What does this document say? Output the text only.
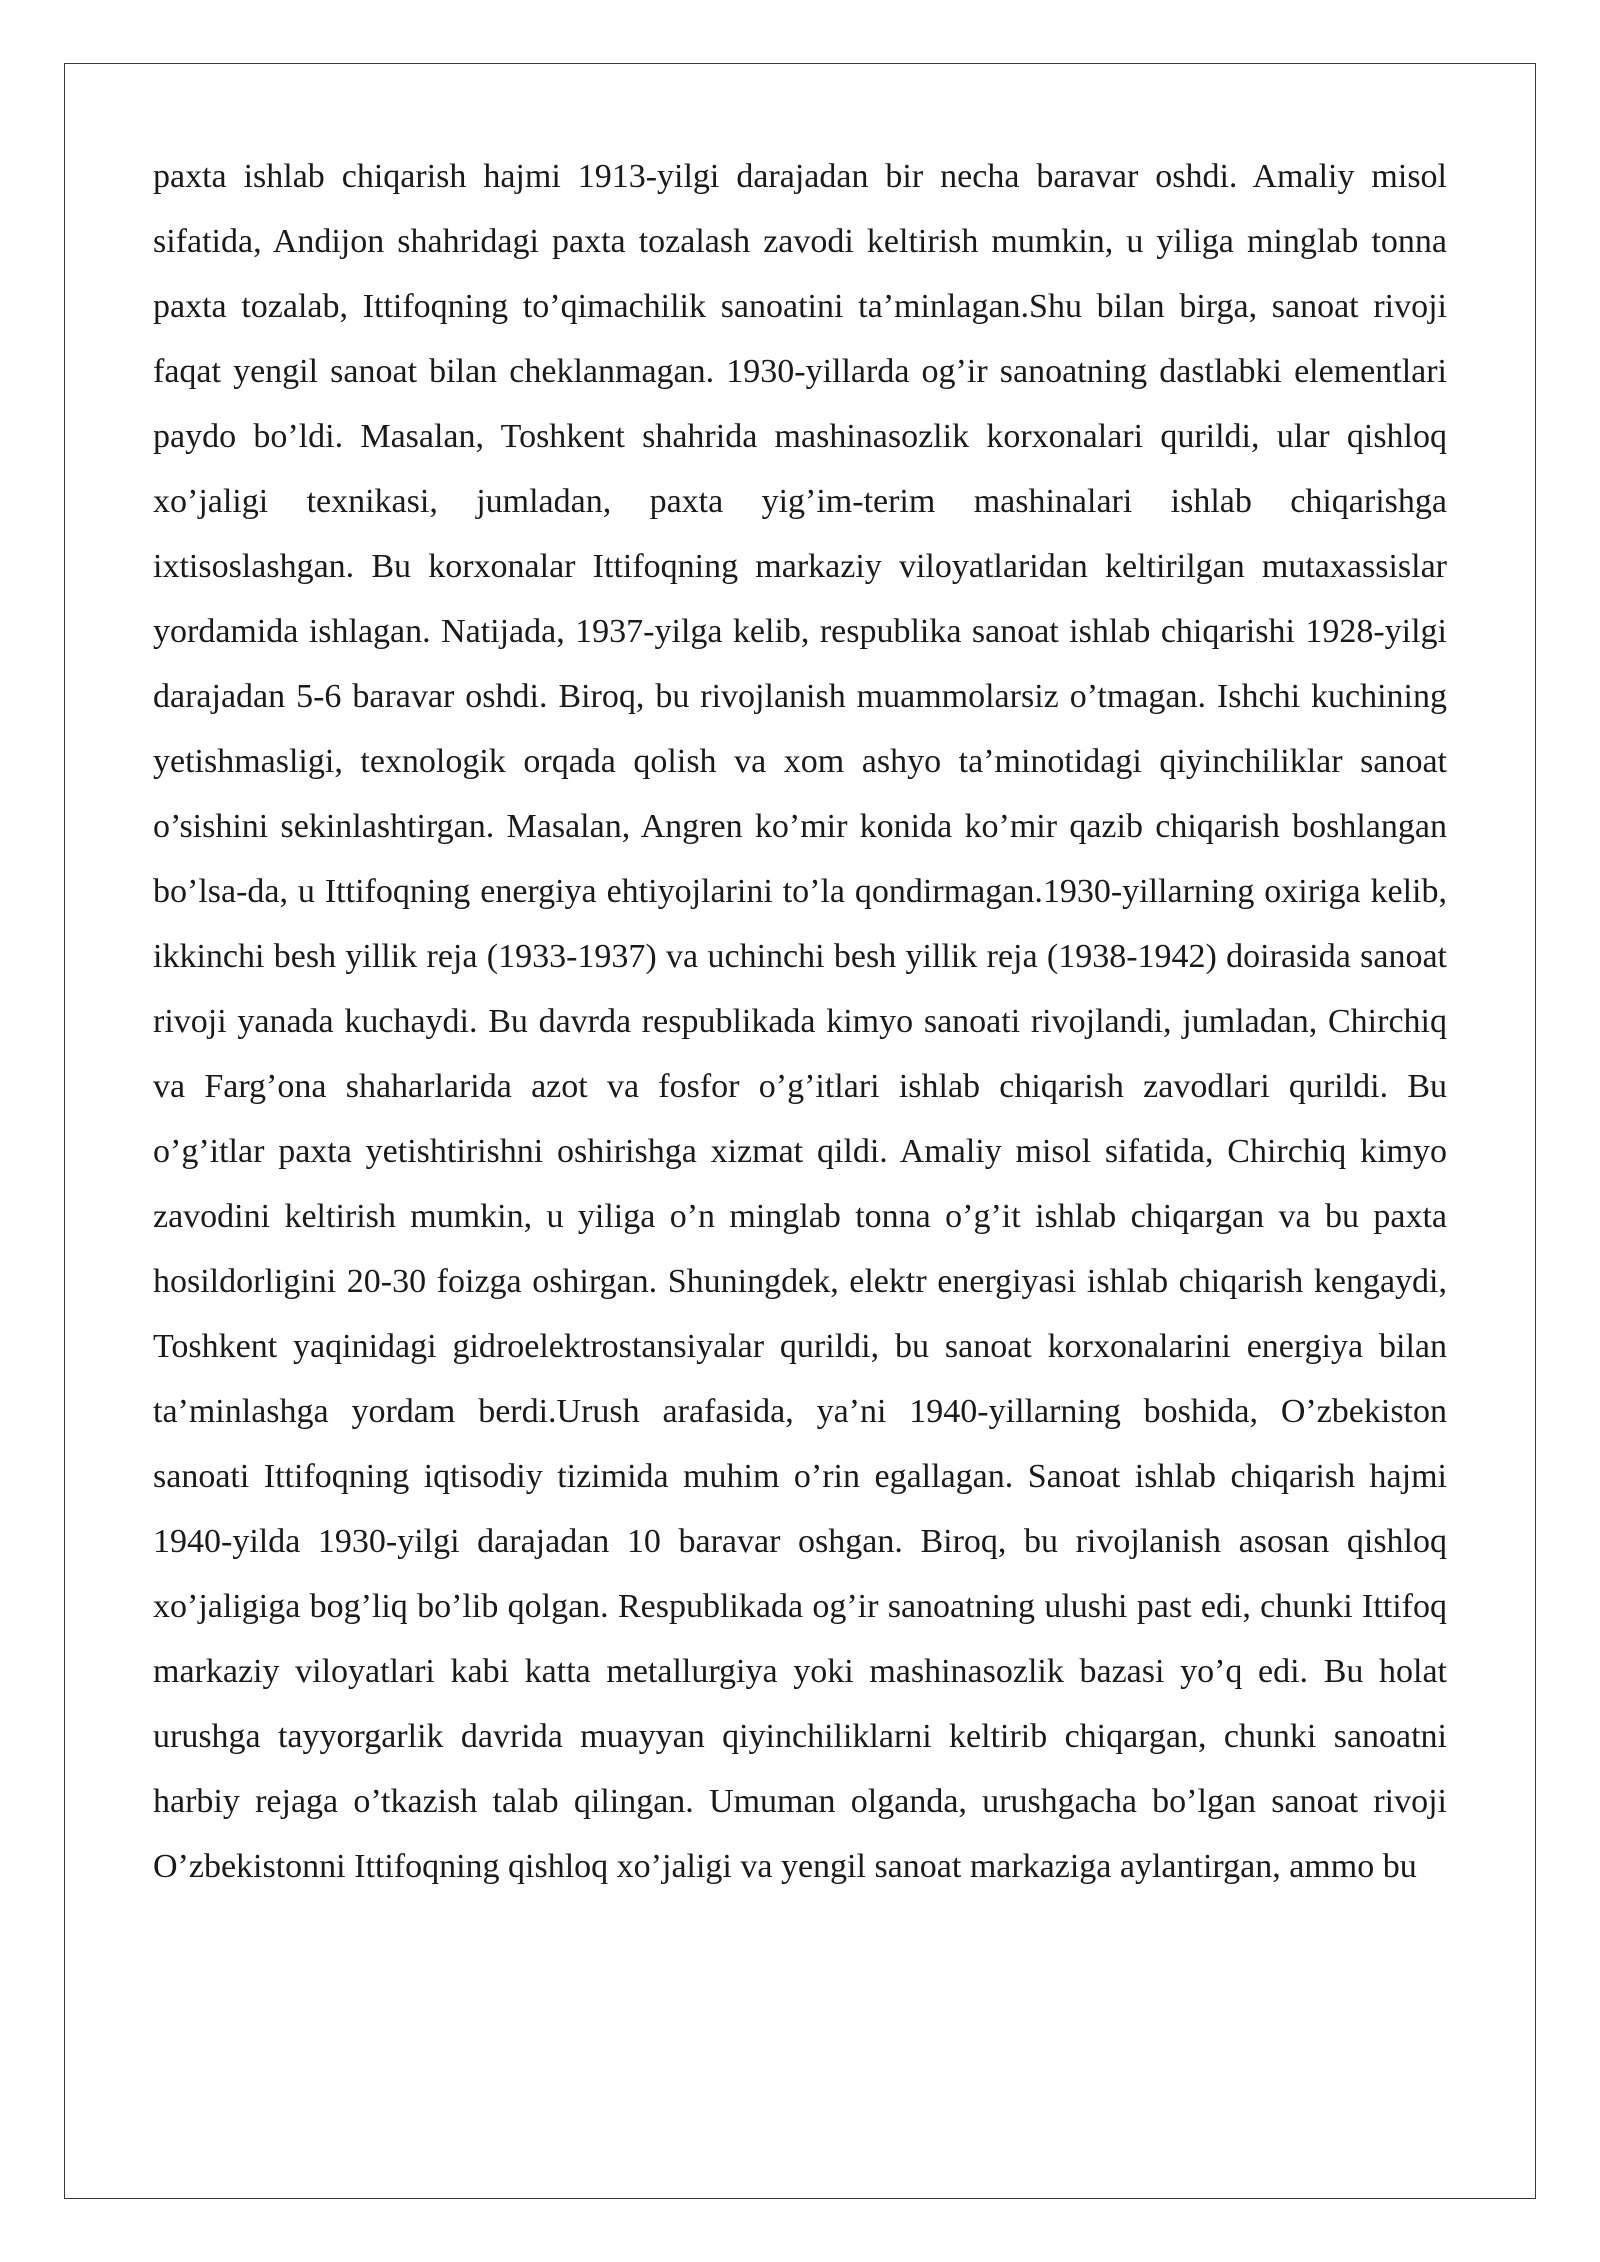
paxta ishlab chiqarish hajmi 1913-yilgi darajadan bir necha baravar oshdi. Amaliy misol sifatida, Andijon shahridagi paxta tozalash zavodi keltirish mumkin, u yiliga minglab tonna paxta tozalab, Ittifoqning to’qimachilik sanoatini ta’minlagan.Shu bilan birga, sanoat rivoji faqat yengil sanoat bilan cheklanmagan. 1930-yillarda og’ir sanoatning dastlabki elementlari paydo bo’ldi. Masalan, Toshkent shahrida mashinasozlik korxonalari qurildi, ular qishloq xo’jaligi texnikasi, jumladan, paxta yig’im-terim mashinalari ishlab chiqarishga ixtisoslashgan. Bu korxonalar Ittifoqning markaziy viloyatlaridan keltirilgan mutaxassislar yordamida ishlagan. Natijada, 1937-yilga kelib, respublika sanoat ishlab chiqarishi 1928-yilgi darajadan 5-6 baravar oshdi. Biroq, bu rivojlanish muammolarsiz o’tmagan. Ishchi kuchining yetishmasligi, texnologik orqada qolish va xom ashyo ta’minotidagi qiyinchiliklar sanoat o’sishini sekinlashtirgan. Masalan, Angren ko’mir konida ko’mir qazib chiqarish boshlangan bo’lsa-da, u Ittifoqning energiya ehtiyojlarini to’la qondirmagan.1930-yillarning oxiriga kelib, ikkinchi besh yillik reja (1933-1937) va uchinchi besh yillik reja (1938-1942) doirasida sanoat rivoji yanada kuchaydi. Bu davrda respublikada kimyo sanoati rivojlandi, jumladan, Chirchiq va Farg’ona shaharlarida azot va fosfor o’g’itlari ishlab chiqarish zavodlari qurildi. Bu o’g’itlar paxta yetishtirishni oshirishga xizmat qildi. Amaliy misol sifatida, Chirchiq kimyo zavodini keltirish mumkin, u yiliga o’n minglab tonna o’g’it ishlab chiqargan va bu paxta hosildorligini 20-30 foizga oshirgan. Shuningdek, elektr energiyasi ishlab chiqarish kengaydi, Toshkent yaqinidagi gidroelektrostansiyalar qurildi, bu sanoat korxonalarini energiya bilan ta’minlashga yordam berdi.Urush arafasida, ya’ni 1940-yillarning boshida, O’zbekiston sanoati Ittifoqning iqtisodiy tizimida muhim o’rin egallagan. Sanoat ishlab chiqarish hajmi 1940-yilda 1930-yilgi darajadan 10 baravar oshgan. Biroq, bu rivojlanish asosan qishloq xo’jaligiga bog’liq bo’lib qolgan. Respublikada og’ir sanoatning ulushi past edi, chunki Ittifoq markaziy viloyatlari kabi katta metallurgiya yoki mashinasozlik bazasi yo’q edi. Bu holat urushga tayyorgarlik davrida muayyan qiyinchiliklarni keltirib chiqargan, chunki sanoatni harbiy rejaga o’tkazish talab qilingan. Umuman olganda, urushgacha bo’lgan sanoat rivoji O’zbekistonni Ittifoqning qishloq xo’jaligi va yengil sanoat markaziga aylantirgan, ammo bu
